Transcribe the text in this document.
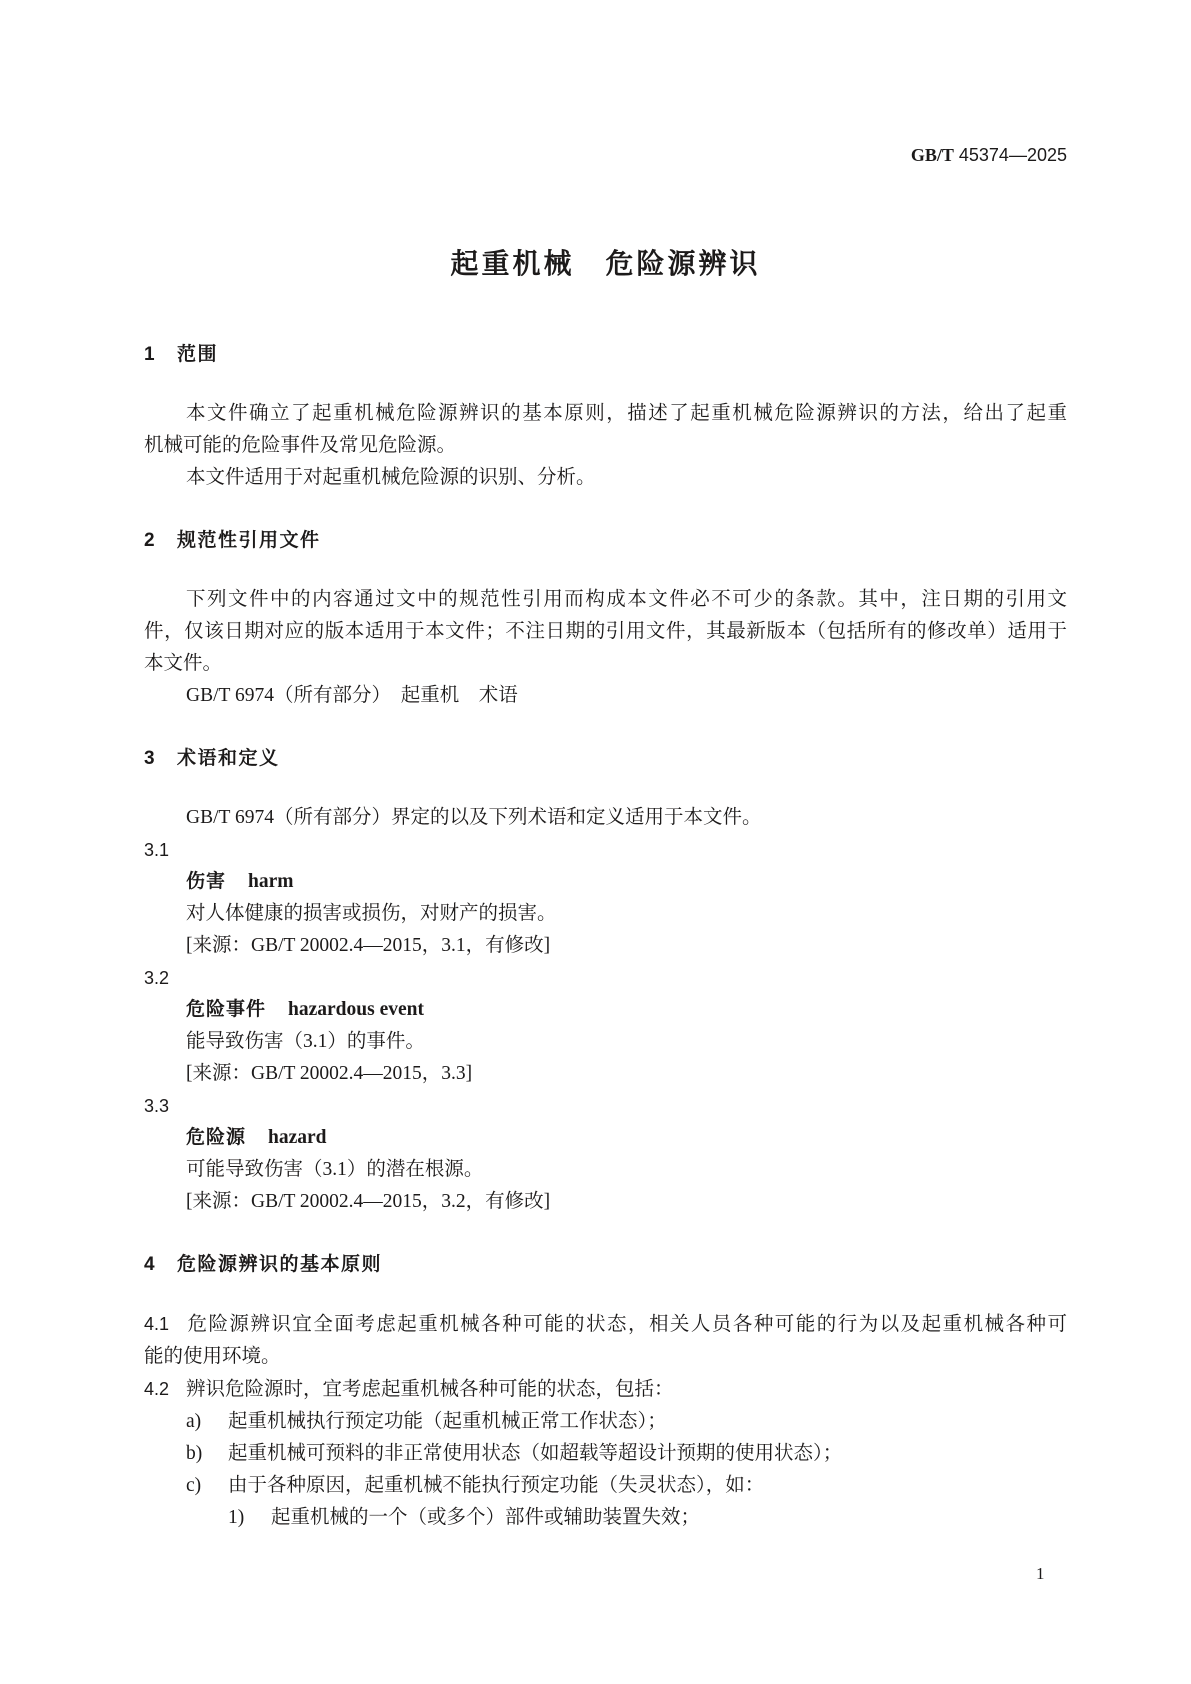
GB/T 45374—2025
起重机械　危险源辨识
1 范围
本文件确立了起重机械危险源辨识的基本原则，描述了起重机械危险源辨识的方法，给出了起重
机械可能的危险事件及常见危险源。
本文件适用于对起重机械危险源的识别、分析。
2 规范性引用文件
下列文件中的内容通过文中的规范性引用而构成本文件必不可少的条款。其中，注日期的引用文
件，仅该日期对应的版本适用于本文件；不注日期的引用文件，其最新版本（包括所有的修改单）适用于
本文件。
GB/T 6974（所有部分）　起重机　术语
3 术语和定义
GB/T 6974（所有部分）界定的以及下列术语和定义适用于本文件。
3.1
伤害 harm
对人体健康的损害或损伤，对财产的损害。
[来源：GB/T 20002.4—2015，3.1，有修改]
3.2
危险事件 hazardous event
能导致伤害（3.1）的事件。
[来源：GB/T 20002.4—2015，3.3]
3.3
危险源 hazard
可能导致伤害（3.1）的潜在根源。
[来源：GB/T 20002.4—2015，3.2，有修改]
4 危险源辨识的基本原则
4.1 危险源辨识宜全面考虑起重机械各种可能的状态，相关人员各种可能的行为以及起重机械各种可
能的使用环境。
4.2 辨识危险源时，宜考虑起重机械各种可能的状态，包括：
a) 起重机械执行预定功能（起重机械正常工作状态）；
b) 起重机械可预料的非正常使用状态（如超载等超设计预期的使用状态）；
c) 由于各种原因，起重机械不能执行预定功能（失灵状态），如：
1) 起重机械的一个（或多个）部件或辅助装置失效；
1
